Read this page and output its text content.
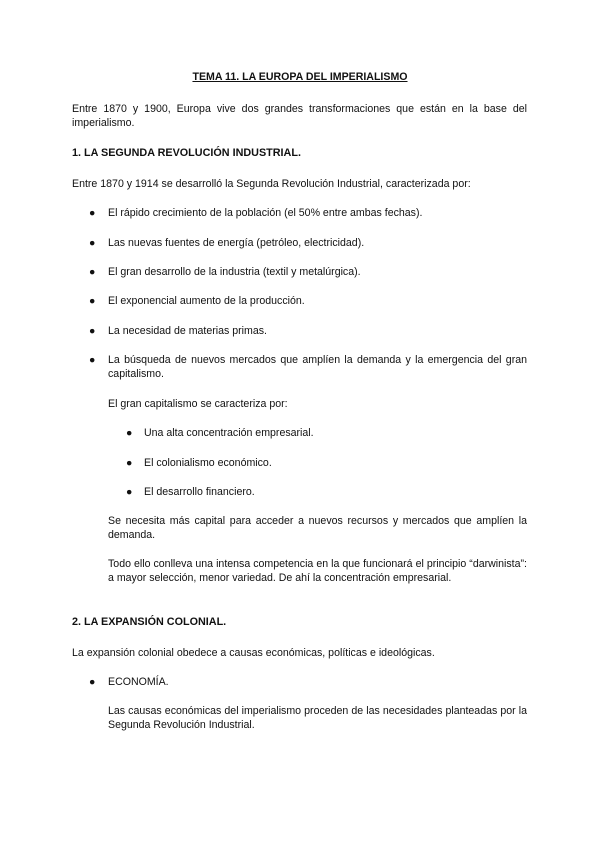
TEMA 11. LA EUROPA DEL IMPERIALISMO
Entre 1870 y 1900, Europa vive dos grandes transformaciones que están en la base del imperialismo.
1. LA SEGUNDA REVOLUCIÓN INDUSTRIAL.
Entre 1870 y 1914 se desarrolló la Segunda Revolución Industrial, caracterizada por:
●	El rápido crecimiento de la población (el 50% entre ambas fechas).
●	Las nuevas fuentes de energía (petróleo, electricidad).
●	El gran desarrollo de la industria (textil y metalúrgica).
●	El exponencial aumento de la producción.
●	La necesidad de materias primas.
●	La búsqueda de nuevos mercados que amplíen la demanda y la emergencia del gran capitalismo.
El gran capitalismo se caracteriza por:
● Una alta concentración empresarial.
● El colonialismo económico.
● El desarrollo financiero.
Se necesita más capital para acceder a nuevos recursos y mercados que amplíen la demanda.
Todo ello conlleva una intensa competencia en la que funcionará el principio “darwinista”: a mayor selección, menor variedad. De ahí la concentración empresarial.
2. LA EXPANSIÓN COLONIAL.
La expansión colonial obedece a causas económicas, políticas e ideológicas.
●	ECONOMÍA.
Las causas económicas del imperialismo proceden de las necesidades planteadas por la Segunda Revolución Industrial.
